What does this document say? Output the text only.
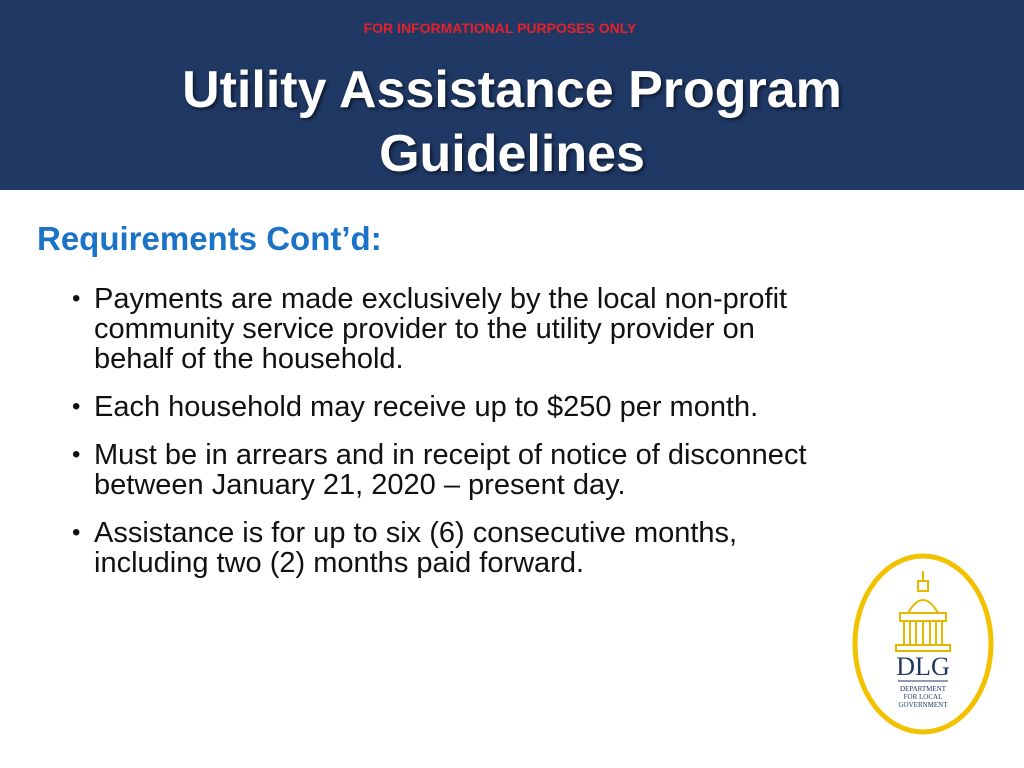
FOR INFORMATIONAL PURPOSES ONLY
Utility Assistance Program
Guidelines
Requirements Cont’d:
• Payments are made exclusively by the local non-profit community service provider to the utility provider on behalf of the household.
• Each household may receive up to $250 per month.
• Must be in arrears and in receipt of notice of disconnect between January 21, 2020 – present day.
• Assistance is for up to six (6) consecutive months, including two (2) months paid forward.
DLG
DEPARTMENT
FOR LOCAL
GOVERNMENT
